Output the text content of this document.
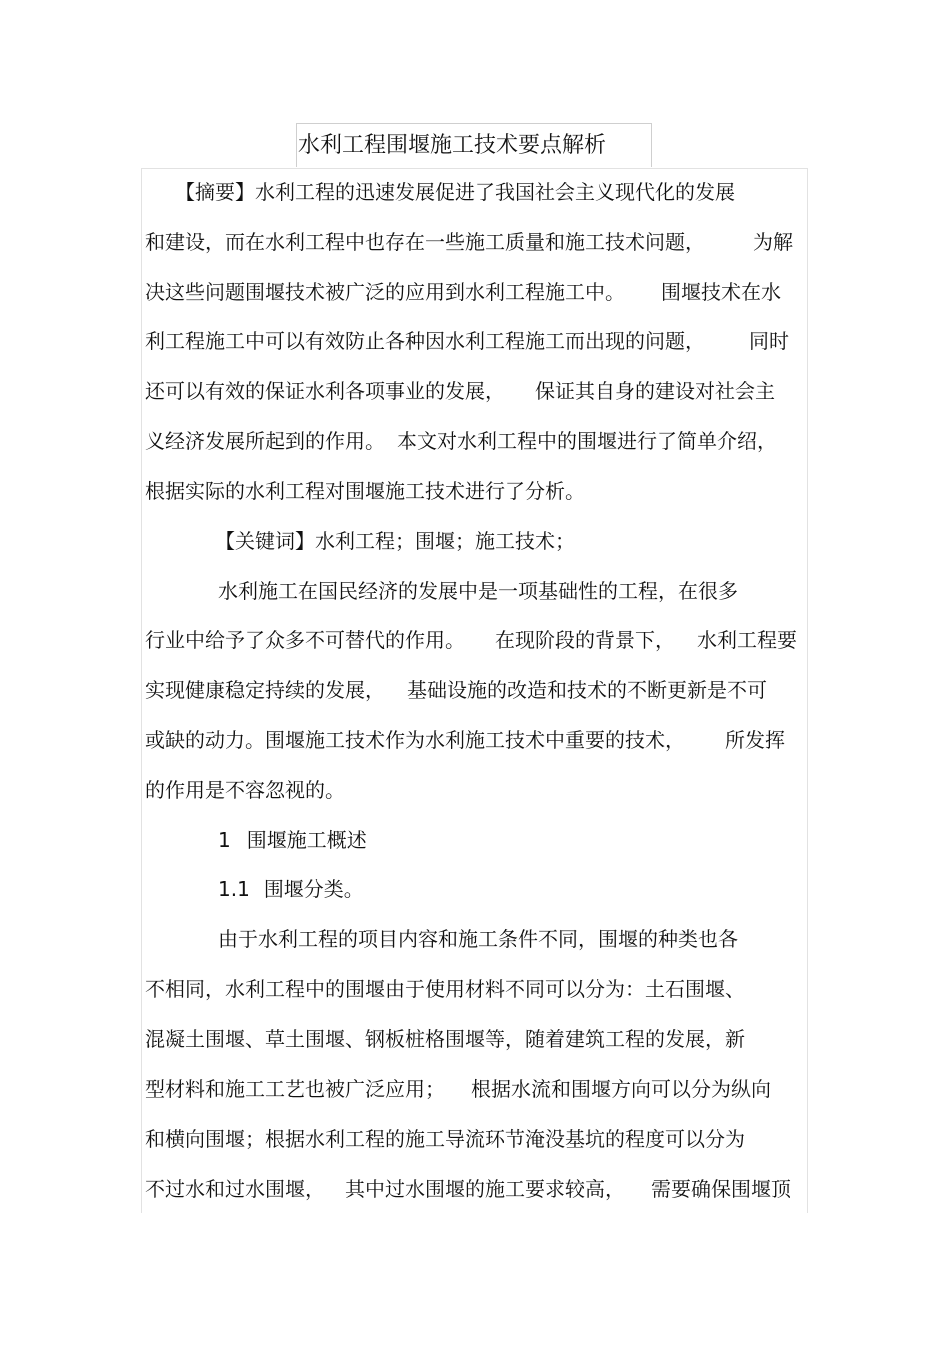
水利工程围堰施工技术要点解析
【摘要】水利工程的迅速发展促进了我国社会主义现代化的发展
和建设，而在水利工程中也存在一些施工质量和施工技术问题， 为解
决这些问题围堰技术被广泛的应用到水利工程施工中。 围堰技术在水
利工程施工中可以有效防止各种因水利工程施工而出现的问题， 同时
还可以有效的保证水利各项事业的发展， 保证其自身的建设对社会主
义经济发展所起到的作用。 本文对水利工程中的围堰进行了简单介绍，
根据实际的水利工程对围堰施工技术进行了分析。
【关键词】水利工程；围堰；施工技术；
水利施工在国民经济的发展中是一项基础性的工程，在很多
行业中给予了众多不可替代的作用。 在现阶段的背景下， 水利工程要
实现健康稳定持续的发展， 基础设施的改造和技术的不断更新是不可
或缺的动力。围堰施工技术作为水利施工技术中重要的技术， 所发挥
的作用是不容忽视的。
1 围堰施工概述
1.1 围堰分类。
由于水利工程的项目内容和施工条件不同，围堰的种类也各
不相同，水利工程中的围堰由于使用材料不同可以分为：土石围堰、
混凝土围堰、草土围堰、钢板桩格围堰等，随着建筑工程的发展，新
型材料和施工工艺也被广泛应用； 根据水流和围堰方向可以分为纵向
和横向围堰；根据水利工程的施工导流环节淹没基坑的程度可以分为
不过水和过水围堰， 其中过水围堰的施工要求较高， 需要确保围堰顶
